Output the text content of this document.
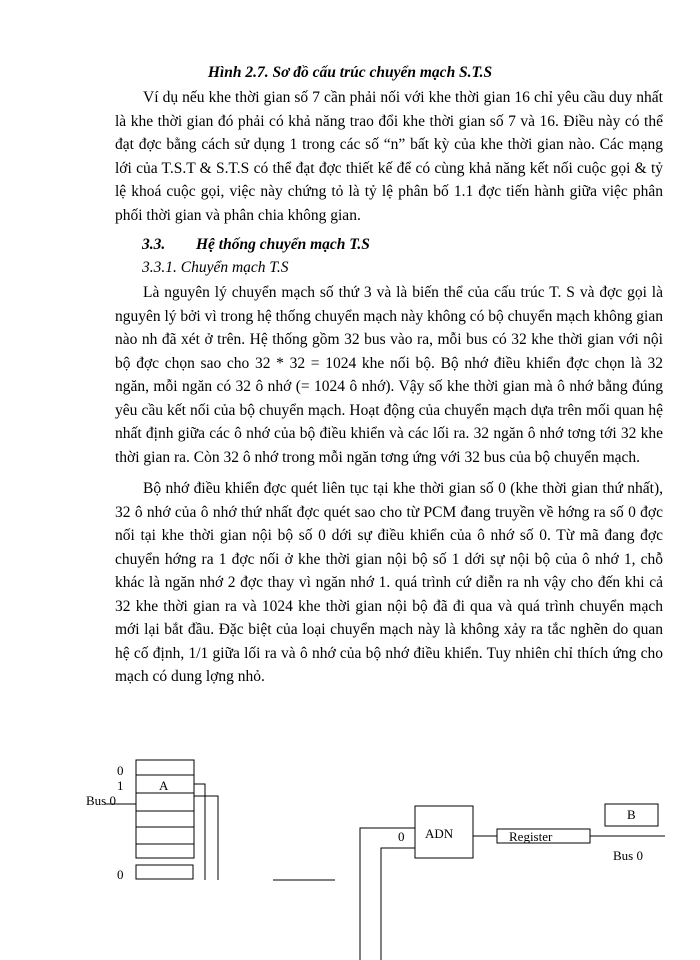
Hình 2.7. Sơ đồ cấu trúc chuyển mạch S.T.S

Ví dụ nếu khe thời gian số 7 cần phải nối với khe thời gian 16 chỉ yêu cầu duy nhất là khe thời gian đó phải có khả năng trao đổi khe thời gian số 7 và 16. Điều này có thể đạt đợc bằng cách sử dụng 1 trong các số “n” bất kỳ của khe thời gian nào. Các mạng lới của T.S.T & S.T.S có thể đạt đợc thiết kế để có cùng khả năng kết nối cuộc gọi & tỷ lệ khoá cuộc gọi, việc này chứng tỏ là tỷ lệ phân bố 1.1 đợc tiến hành giữa việc phân phối thời gian và phân chia không gian.

3.3. Hệ thống chuyển mạch T.S

3.3.1. Chuyển mạch T.S

Là nguyên lý chuyển mạch số thứ 3 và là biến thể của cấu trúc T. S và đợc gọi là nguyên lý bởi vì trong hệ thống chuyển mạch này không có bộ chuyển mạch không gian nào nh đã xét ở trên. Hệ thống gồm 32 bus vào ra, mỗi bus có 32 khe thời gian với nội bộ đợc chọn sao cho 32 * 32 = 1024 khe nối bộ. Bộ nhớ điều khiển đợc chọn là 32 ngăn, mỗi ngăn có 32 ô nhớ (= 1024 ô nhớ). Vậy số khe thời gian mà ô nhớ bằng đúng yêu cầu kết nối của bộ chuyển mạch. Hoạt động của chuyển mạch dựa trên mối quan hệ nhất định giữa các ô nhớ của bộ điều khiển và các lối ra. 32 ngăn ô nhớ tơng tới 32 khe thời gian ra. Còn 32 ô nhớ trong mỗi ngăn tơng ứng với 32 bus của bộ chuyển mạch.

Bộ nhớ điều khiển đợc quét liên tục tại khe thời gian số 0 (khe thời gian thứ nhất), 32 ô nhớ của ô nhớ thứ nhất đợc quét sao cho từ PCM đang truyền về hớng ra số 0 đợc nối tại khe thời gian nội bộ số 0 dới sự điều khiển của ô nhớ số 0. Từ mã đang đợc chuyển hớng ra 1 đợc nối ở khe thời gian nội bộ số 1 dới sự nội bộ của ô nhớ 1, chỗ khác là ngăn nhớ 2 đợc thay vì ngăn nhớ 1. quá trình cứ diễn ra nh vậy cho đến khi cả 32 khe thời gian ra và 1024 khe thời gian nội bộ đã đi qua và quá trình chuyển mạch mới lại bắt đầu. Đặc biệt của loại chuyển mạch này là không xảy ra tắc nghẽn do quan hệ cố định, 1/1 giữa lối ra và ô nhớ của bộ nhớ điều khiển. Tuy nhiên chỉ thích ứng cho mạch có dung lợng nhỏ.

0
1	A
Bus 0
0
ADN
0	Register
B
Bus 0
